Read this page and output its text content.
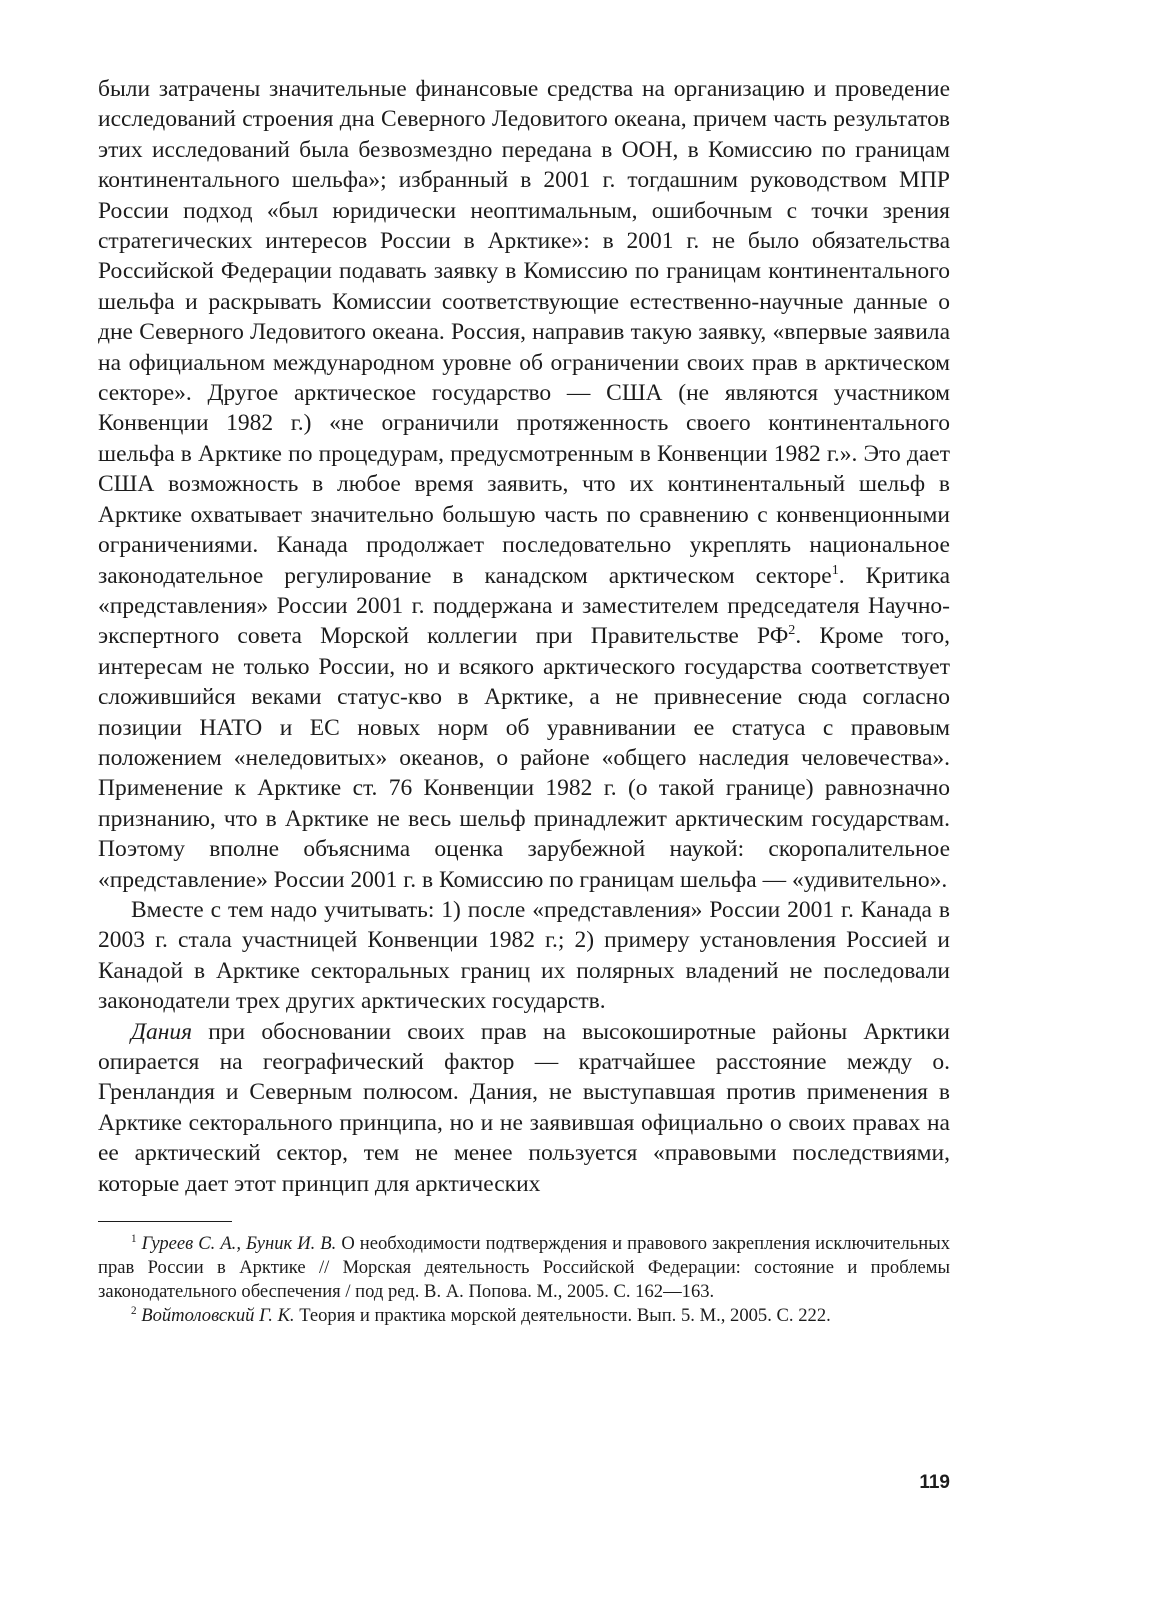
были затрачены значительные финансовые средства на организацию и проведение исследований строения дна Северного Ледовитого океана, причем часть результатов этих исследований была безвозмездно передана в ООН, в Комиссию по границам континентального шельфа»; избранный в 2001 г. тогдашним руководством МПР России подход «был юридически неоптимальным, ошибочным с точки зрения стратегических интересов России в Арктике»: в 2001 г. не было обязательства Российской Федерации подавать заявку в Комиссию по границам континентального шельфа и раскрывать Комиссии соответствующие естественно-научные данные о дне Северного Ледовитого океана. Россия, направив такую заявку, «впервые заявила на официальном международном уровне об ограничении своих прав в арктическом секторе». Другое арктическое государство — США (не являются участником Конвенции 1982 г.) «не ограничили протяженность своего континентального шельфа в Арктике по процедурам, предусмотренным в Конвенции 1982 г.». Это дает США возможность в любое время заявить, что их континентальный шельф в Арктике охватывает значительно большую часть по сравнению с конвенционными ограничениями. Канада продолжает последовательно укреплять национальное законодательное регулирование в канадском арктическом секторе$^1$. Критика «представления» России 2001 г. поддержана и заместителем председателя Научно-экспертного совета Морской коллегии при Правительстве $РФ^2$. Кроме того, интересам не только России, но и всякого арктического государства соответствует сложившийся веками статус-кво в Арктике, а не привнесение сюда согласно позиции НАТО и ЕС новых норм об уравнивании ее статуса с правовым положением «неледовитых» океанов, о районе «общего наследия человечества». Применение к Арктике ст. 76 Конвенции 1982 г. (о такой границе) равнозначно признанию, что в Арктике не весь шельф принадлежит арктическим государствам. Поэтому вполне объяснима оценка зарубежной наукой: скоропалительное «представление» России 2001 г. в Комиссию по границам шельфа — «удивительно».

Вместе с тем надо учитывать: 1) после «представления» России 2001 г. Канада в 2003 г. стала участницей Конвенции 1982 г.; 2) примеру установления Россией и Канадой в Арктике секторальных границ их полярных владений не последовали законодатели трех других арктических государств.

Дания при обосновании своих прав на высокоширотные районы Арктики опирается на географический фактор — кратчайшее расстояние между о. Гренландия и Северным полюсом. Дания, не выступавшая против применения в Арктике секторального принципа, но и не заявившая официально о своих правах на ее арктический сектор, тем не менее пользуется «правовыми последствиями, которые дает этот принцип для арктических

$^1$ Гуреев С. А., Буник И. В. О необходимости подтверждения и правового закрепления исключительных прав России в Арктике // Морская деятельность Российской Федерации: состояние и проблемы законодательного обеспечения / под ред. В. А. Попова. М., 2005. С. 162—163.

$^2$ Войтоловский Г. К. Теория и практика морской деятельности. Вып. 5. М., 2005. С. 222.

119
